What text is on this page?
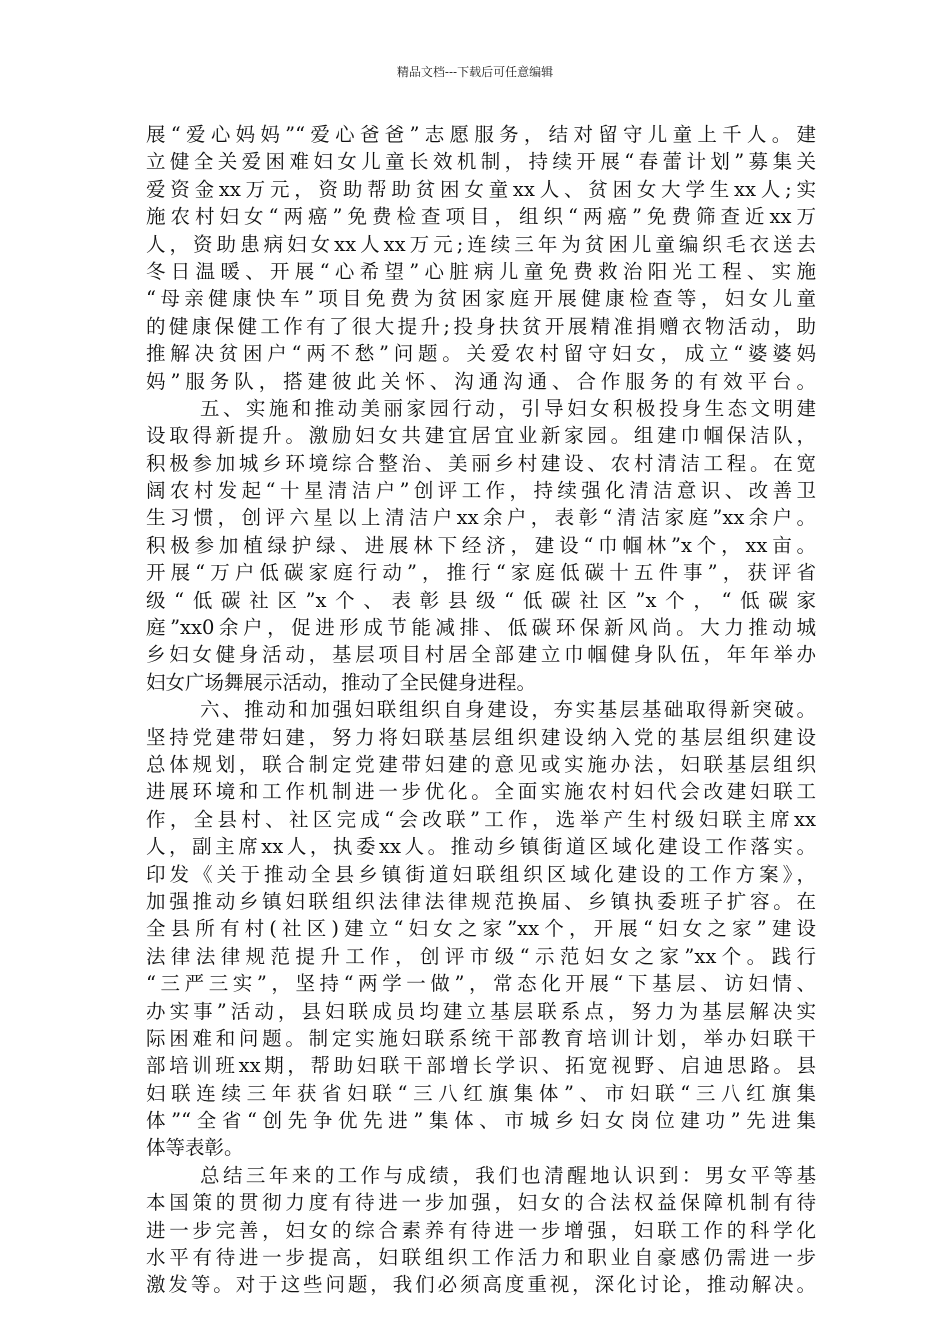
精品文档---下载后可任意编辑
展“爱心妈妈”“爱心爸爸”志愿服务，结对留守儿童上千人。建
立健全关爱困难妇女儿童长效机制，持续开展“春蕾计划”募集关
爱资金xx万元，资助帮助贫困女童xx人、贫困女大学生xx人;实
施农村妇女“两癌”免费检查项目，组织“两癌”免费筛查近xx万
人，资助患病妇女xx人xx万元;连续三年为贫困儿童编织毛衣送去
冬日温暖、开展“心希望”心脏病儿童免费救治阳光工程、实施
“母亲健康快车”项目免费为贫困家庭开展健康检查等，妇女儿童
的健康保健工作有了很大提升;投身扶贫开展精准捐赠衣物活动，助
推解决贫困户“两不愁”问题。关爱农村留守妇女，成立“婆婆妈
妈”服务队，搭建彼此关怀、沟通沟通、合作服务的有效平台。
五、实施和推动美丽家园行动，引导妇女积极投身生态文明建
设取得新提升。激励妇女共建宜居宜业新家园。组建巾帼保洁队，
积极参加城乡环境综合整治、美丽乡村建设、农村清洁工程。在宽
阔农村发起“十星清洁户”创评工作，持续强化清洁意识、改善卫
生习惯，创评六星以上清洁户xx余户，表彰“清洁家庭”xx余户。
积极参加植绿护绿、进展林下经济，建设“巾帼林”x个，xx亩。
开展“万户低碳家庭行动”，推行“家庭低碳十五件事”，获评省
级“低碳社区”x个、表彰县级“低碳社区”x个，“低碳家
庭”xx0余户，促进形成节能减排、低碳环保新风尚。大力推动城
乡妇女健身活动，基层项目村居全部建立巾帼健身队伍，年年举办
妇女广场舞展示活动，推动了全民健身进程。
六、推动和加强妇联组织自身建设，夯实基层基础取得新突破。
坚持党建带妇建，努力将妇联基层组织建设纳入党的基层组织建设
总体规划，联合制定党建带妇建的意见或实施办法，妇联基层组织
进展环境和工作机制进一步优化。全面实施农村妇代会改建妇联工
作，全县村、社区完成“会改联”工作，选举产生村级妇联主席xx
人，副主席xx人，执委xx人。推动乡镇街道区域化建设工作落实。
印发《关于推动全县乡镇街道妇联组织区域化建设的工作方案》，
加强推动乡镇妇联组织法律法律规范换届、乡镇执委班子扩容。在
全县所有村(社区)建立“妇女之家”xx个，开展“妇女之家”建设
法律法律规范提升工作，创评市级“示范妇女之家”xx个。践行
“三严三实”，坚持“两学一做”，常态化开展“下基层、访妇情、
办实事”活动，县妇联成员均建立基层联系点，努力为基层解决实
际困难和问题。制定实施妇联系统干部教育培训计划，举办妇联干
部培训班xx期，帮助妇联干部增长学识、拓宽视野、启迪思路。县
妇联连续三年获省妇联“三八红旗集体”、市妇联“三八红旗集
体”“全省“创先争优先进”集体、市城乡妇女岗位建功”先进集
体等表彰。
总结三年来的工作与成绩，我们也清醒地认识到：男女平等基
本国策的贯彻力度有待进一步加强，妇女的合法权益保障机制有待
进一步完善，妇女的综合素养有待进一步增强，妇联工作的科学化
水平有待进一步提高，妇联组织工作活力和职业自豪感仍需进一步
激发等。对于这些问题，我们必须高度重视，深化讨论，推动解决。
